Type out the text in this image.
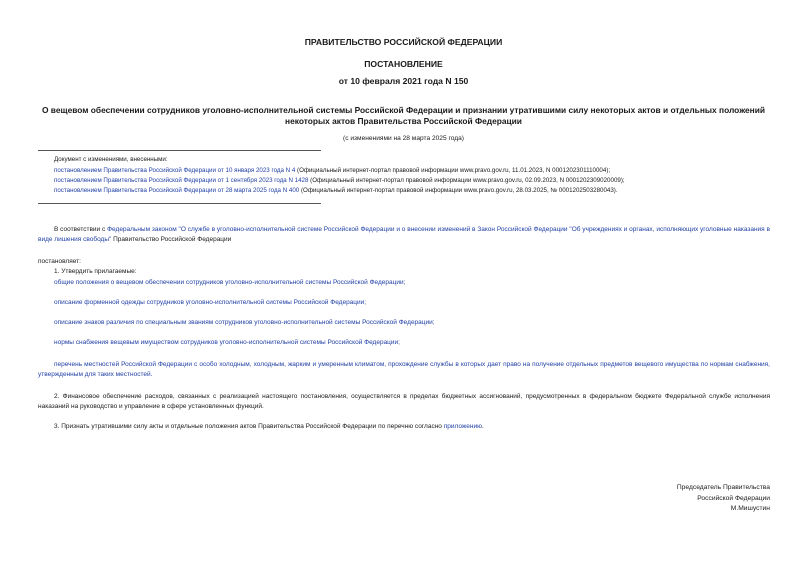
ПРАВИТЕЛЬСТВО РОССИЙСКОЙ ФЕДЕРАЦИИ
ПОСТАНОВЛЕНИЕ
от 10 февраля 2021 года N 150
О вещевом обеспечении сотрудников уголовно-исполнительной системы Российской Федерации и признании утратившими силу некоторых актов и отдельных положений некоторых актов Правительства Российской Федерации
(с изменениями на 28 марта 2025 года)
Документ с изменениями, внесенными:
постановлением Правительства Российской Федерации от 10 января 2023 года N 4 (Официальный интернет-портал правовой информации www.pravo.gov.ru, 11.01.2023, N 0001202301110004);
постановлением Правительства Российской Федерации от 1 сентября 2023 года N 1428 (Официальный интернет-портал правовой информации www.pravo.gov.ru, 02.09.2023, N 0001202309020009);
постановлением Правительства Российской Федерации от 28 марта 2025 года N 400 (Официальный интернет-портал правовой информации www.pravo.gov.ru, 28.03.2025, № 0001202503280043).
В соответствии с Федеральным законом "О службе в уголовно-исполнительной системе Российской Федерации и о внесении изменений в Закон Российской Федерации "Об учреждениях и органах, исполняющих уголовные наказания в виде лишения свободы" Правительство Российской Федерации
постановляет:
1. Утвердить прилагаемые:
общие положения о вещевом обеспечении сотрудников уголовно-исполнительной системы Российской Федерации;
описание форменной одежды сотрудников уголовно-исполнительной системы Российской Федерации;
описание знаков различия по специальным званиям сотрудников уголовно-исполнительной системы Российской Федерации;
нормы снабжения вещевым имуществом сотрудников уголовно-исполнительной системы Российской Федерации;
перечень местностей Российской Федерации с особо холодным, холодным, жарким и умеренным климатом, прохождение службы в которых дает право на получение отдельных предметов вещевого имущества по нормам снабжения, утвержденным для таких местностей.
2. Финансовое обеспечение расходов, связанных с реализацией настоящего постановления, осуществляется в пределах бюджетных ассигнований, предусмотренных в федеральном бюджете Федеральной службе исполнения наказаний на руководство и управление в сфере установленных функций.
3. Признать утратившими силу акты и отдельные положения актов Правительства Российской Федерации по перечню согласно приложению.
Председатель Правительства
Российской Федерации
М.Мишустин
